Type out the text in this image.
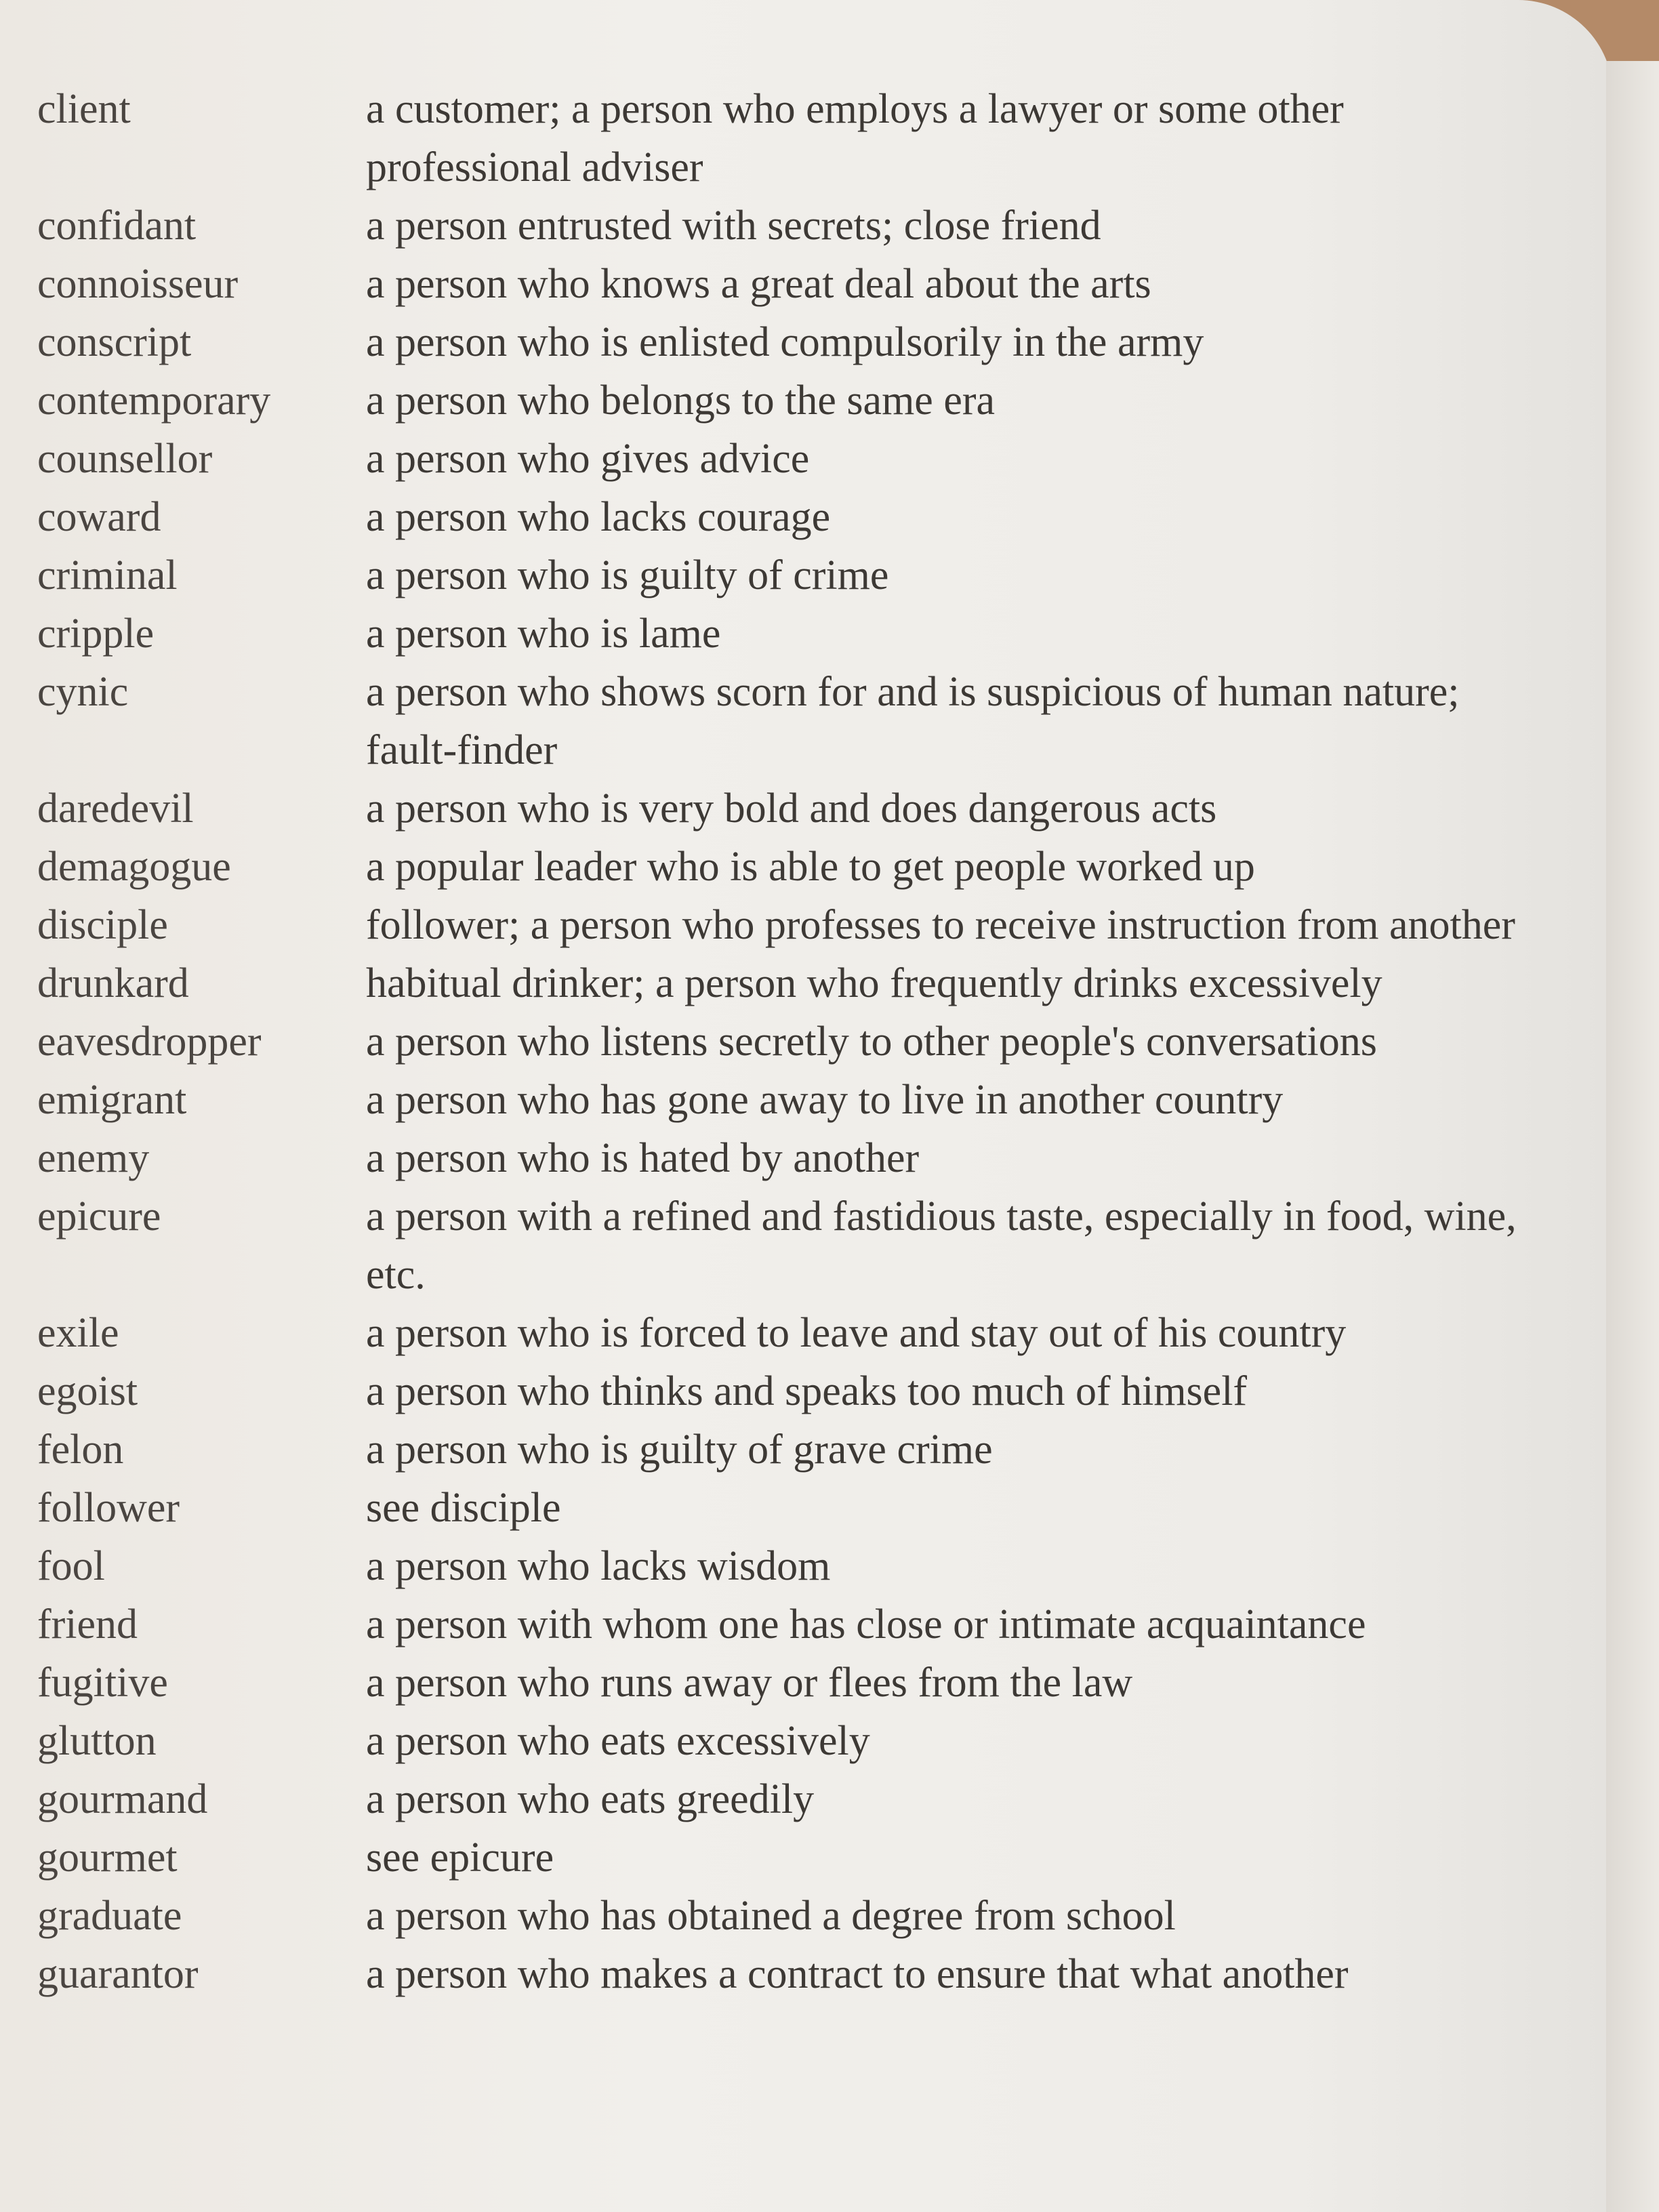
client	a customer; a person who employs a lawyer or some other professional adviser
confidant	a person entrusted with secrets; close friend
connoisseur	a person who knows a great deal about the arts
conscript	a person who is enlisted compulsorily in the army
contemporary	a person who belongs to the same era
counsellor	a person who gives advice
coward	a person who lacks courage
criminal	a person who is guilty of crime
cripple	a person who is lame
cynic	a person who shows scorn for and is suspicious of human nature; fault-finder
daredevil	a person who is very bold and does dangerous acts
demagogue	a popular leader who is able to get people worked up
disciple	follower; a person who professes to receive instruction from another
drunkard	habitual drinker; a person who frequently drinks excessively
eavesdropper	a person who listens secretly to other people's conversations
emigrant	a person who has gone away to live in another country
enemy	a person who is hated by another
epicure	a person with a refined and fastidious taste, especially in food, wine, etc.
exile	a person who is forced to leave and stay out of his country
egoist	a person who thinks and speaks too much of himself
felon	a person who is guilty of grave crime
follower	see disciple
fool	a person who lacks wisdom
friend	a person with whom one has close or intimate acquaintance
fugitive	a person who runs away or flees from the law
glutton	a person who eats excessively
gourmand	a person who eats greedily
gourmet	see epicure
graduate	a person who has obtained a degree from school
guarantor	a person who makes a contract to ensure that what another
